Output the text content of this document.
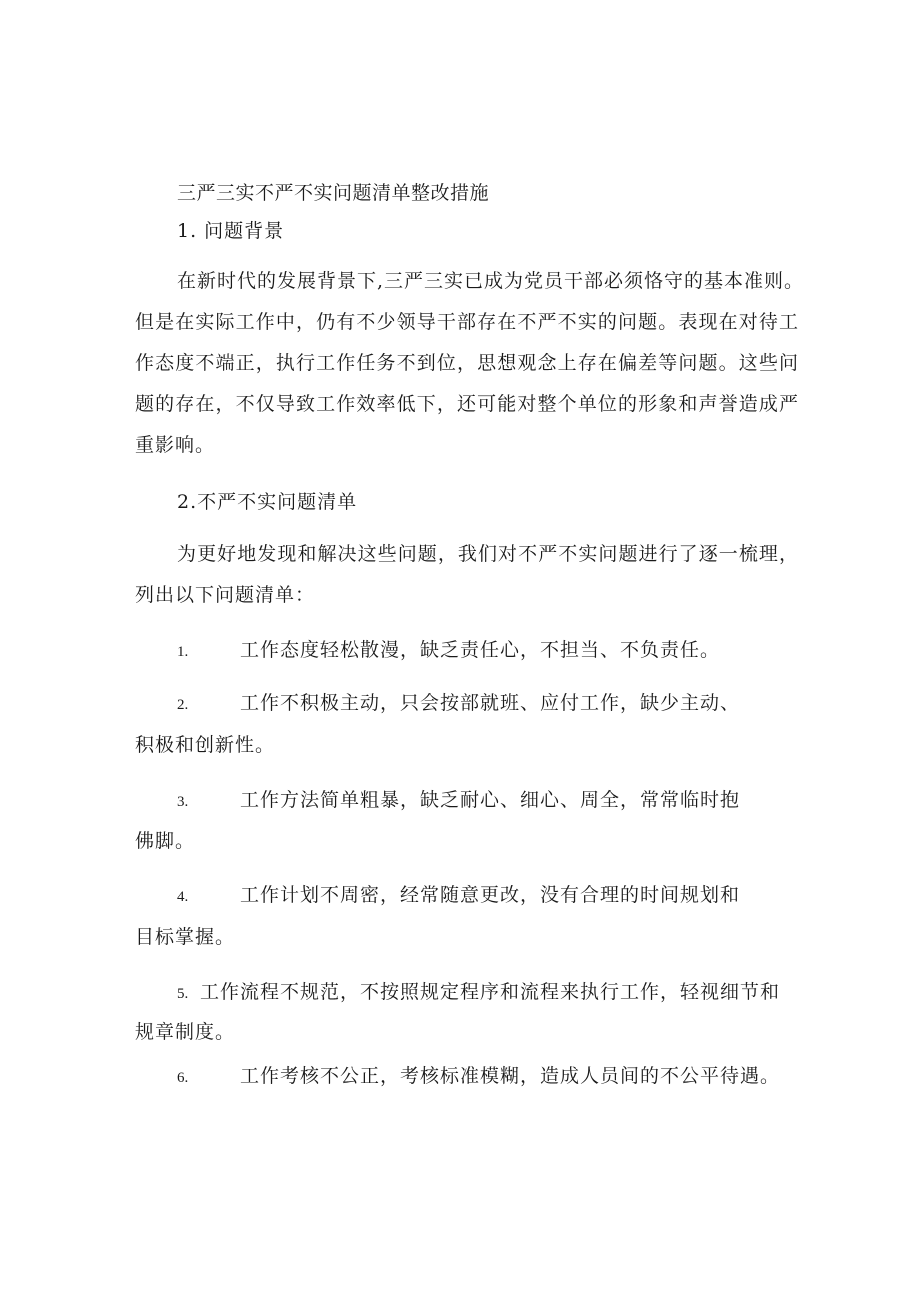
三严三实不严不实问题清单整改措施
1. 问题背景
在新时代的发展背景下,三严三实已成为党员干部必须恪守的基本准则。
但是在实际工作中，仍有不少领导干部存在不严不实的问题。表现在对待工
作态度不端正，执行工作任务不到位，思想观念上存在偏差等问题。这些问
题的存在，不仅导致工作效率低下，还可能对整个单位的形象和声誉造成严
重影响。
2.不严不实问题清单
为更好地发现和解决这些问题，我们对不严不实问题进行了逐一梳理，
列出以下问题清单：
1.	工作态度轻松散漫，缺乏责任心，不担当、不负责任。
2.	工作不积极主动，只会按部就班、应付工作，缺少主动、
积极和创新性。
3.	工作方法简单粗暴，缺乏耐心、细心、周全，常常临时抱
佛脚。
4.	工作计划不周密，经常随意更改，没有合理的时间规划和
目标掌握。
5. 工作流程不规范，不按照规定程序和流程来执行工作，轻视细节和
规章制度。
6.	工作考核不公正，考核标准模糊，造成人员间的不公平待遇。
